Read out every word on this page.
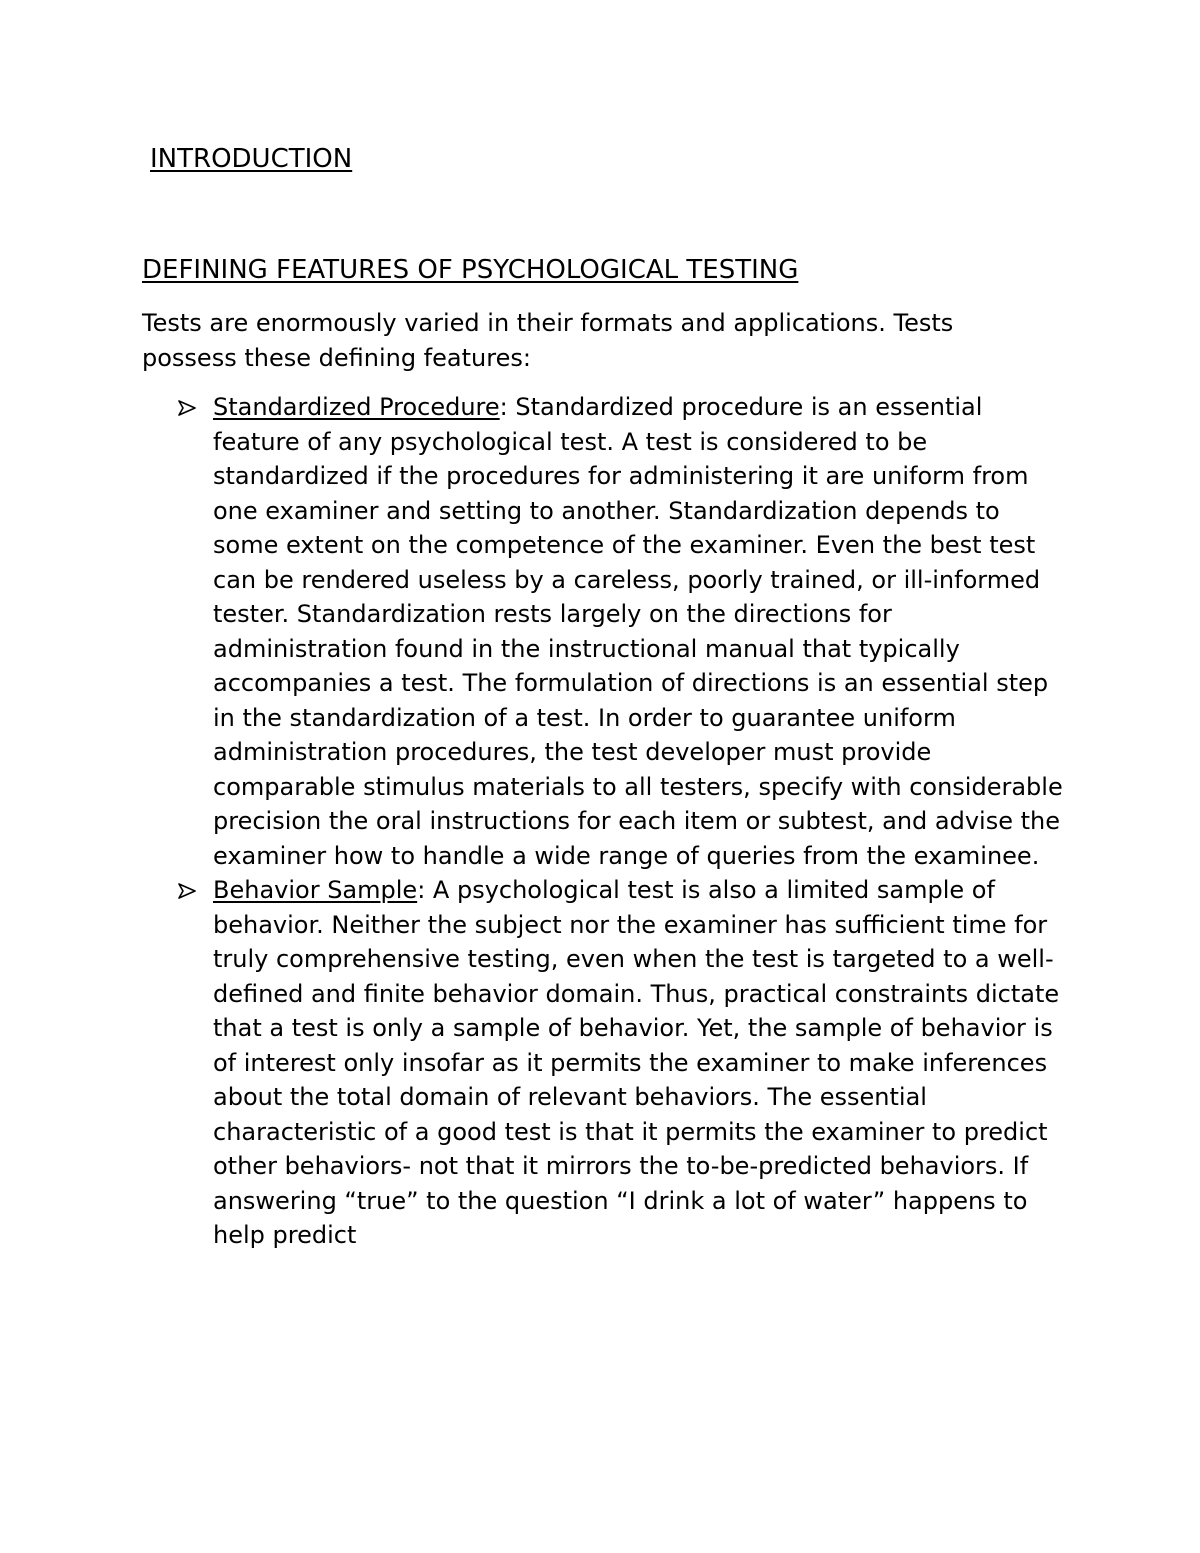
INTRODUCTION
DEFINING FEATURES OF PSYCHOLOGICAL TESTING

Tests are enormously varied in their formats and applications. Tests possess these defining features:

Standardized Procedure: Standardized procedure is an essential feature of any psychological test. A test is considered to be standardized if the procedures for administering it are uniform from one examiner and setting to another. Standardization depends to some extent on the competence of the examiner. Even the best test can be rendered useless by a careless, poorly trained, or ill-informed tester. Standardization rests largely on the directions for administration found in the instructional manual that typically accompanies a test. The formulation of directions is an essential step in the standardization of a test. In order to guarantee uniform administration procedures, the test developer must provide comparable stimulus materials to all testers, specify with considerable precision the oral instructions for each item or subtest, and advise the examiner how to handle a wide range of queries from the examinee.
Behavior Sample: A psychological test is also a limited sample of behavior. Neither the subject nor the examiner has sufficient time for truly comprehensive testing, even when the test is targeted to a well-defined and finite behavior domain. Thus, practical constraints dictate that a test is only a sample of behavior. Yet, the sample of behavior is of interest only insofar as it permits the examiner to make inferences about the total domain of relevant behaviors. The essential characteristic of a good test is that it permits the examiner to predict other behaviors- not that it mirrors the to-be-predicted behaviors. If answering “true” to the question “I drink a lot of water” happens to help predict
